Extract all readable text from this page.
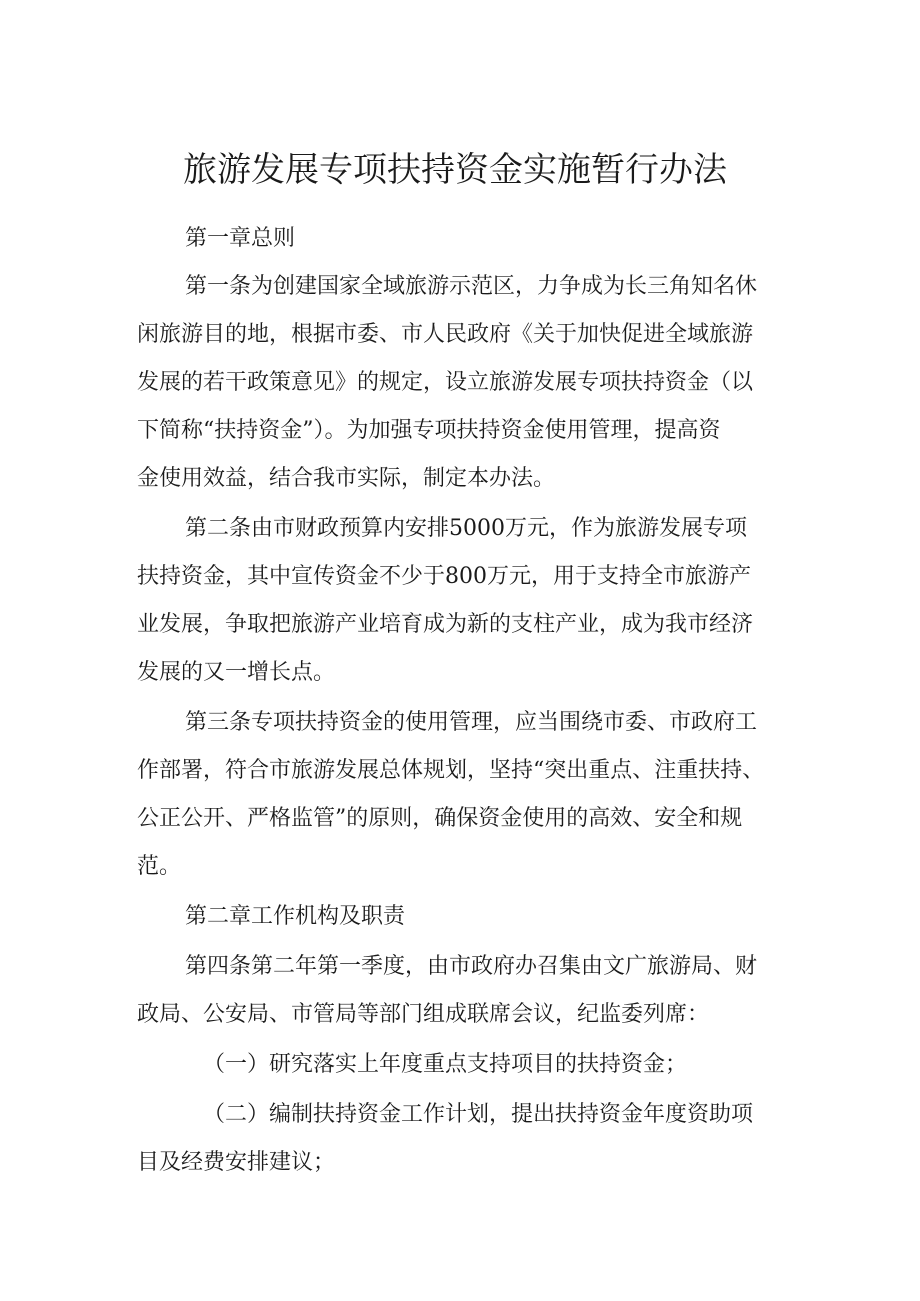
旅游发展专项扶持资金实施暂行办法
第一章总则
第一条为创建国家全域旅游示范区，力争成为长三角知名休
闲旅游目的地，根据市委、市人民政府《关于加快促进全域旅游
发展的若干政策意见》的规定，设立旅游发展专项扶持资金（以
下简称“扶持资金”）。为加强专项扶持资金使用管理，提高资
金使用效益，结合我市实际，制定本办法。
第二条由市财政预算内安排5000万元，作为旅游发展专项
扶持资金，其中宣传资金不少于800万元，用于支持全市旅游产
业发展，争取把旅游产业培育成为新的支柱产业，成为我市经济
发展的又一增长点。
第三条专项扶持资金的使用管理，应当围绕市委、市政府工
作部署，符合市旅游发展总体规划，坚持“突出重点、注重扶持、
公正公开、严格监管”的原则，确保资金使用的高效、安全和规
范。
第二章工作机构及职责
第四条第二年第一季度，由市政府办召集由文广旅游局、财
政局、公安局、市管局等部门组成联席会议，纪监委列席：
（一）研究落实上年度重点支持项目的扶持资金；
（二）编制扶持资金工作计划，提出扶持资金年度资助项
目及经费安排建议；
